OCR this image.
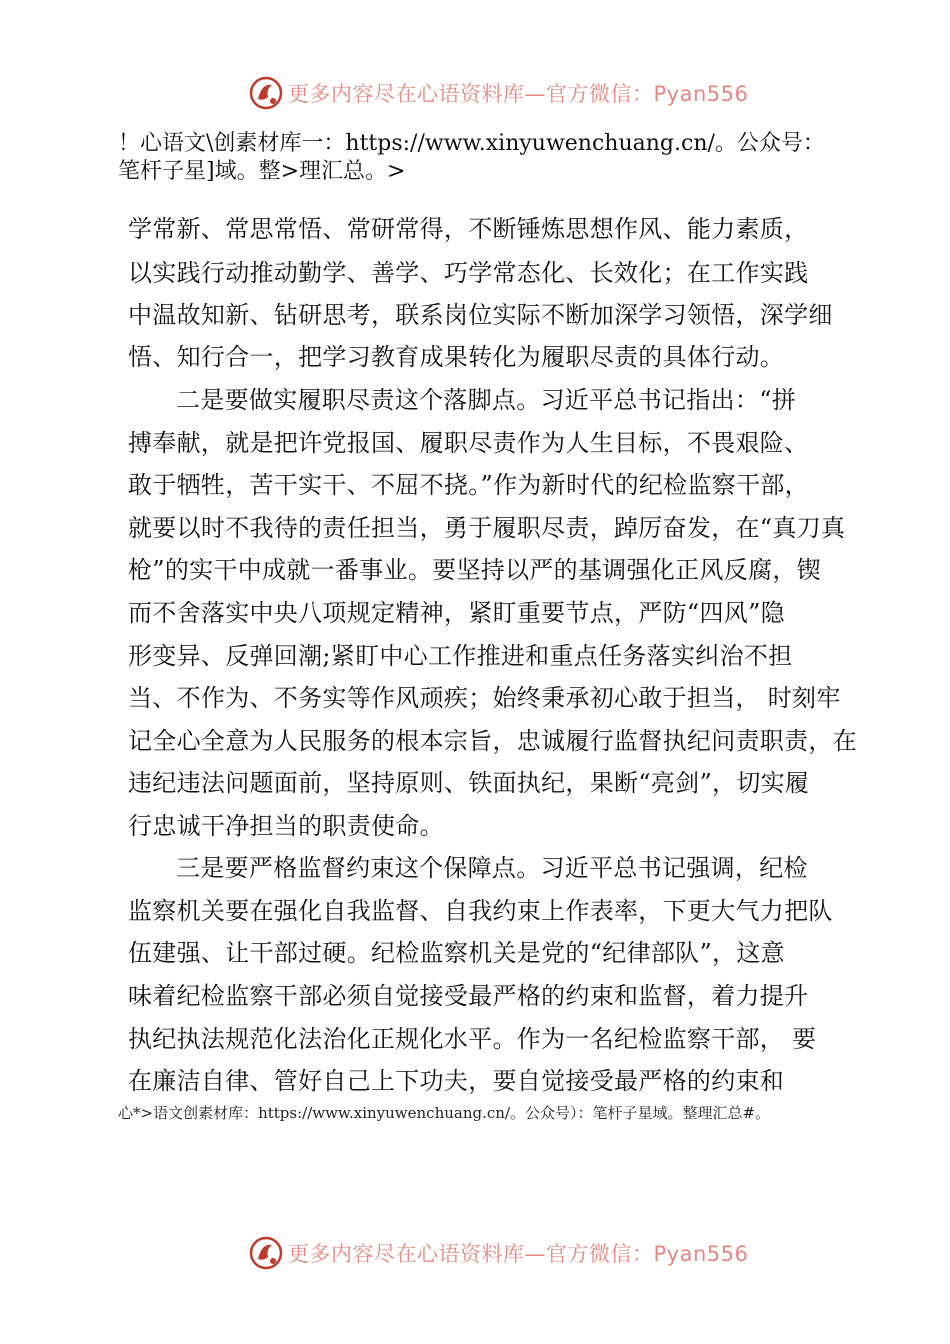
更多内容尽在心语资料库—官方微信：Pyan556
！心语文\创素材库一：https://www.xinyuwenchuang.cn/。公众号：
笔杆子星]域。整>理汇总。>
学常新、常思常悟、常研常得，不断锤炼思想作风、能力素质，
以实践行动推动勤学、善学、巧学常态化、长效化；在工作实践
中温故知新、钻研思考，联系岗位实际不断加深学习领悟，深学细
悟、知行合一，把学习教育成果转化为履职尽责的具体行动。
二是要做实履职尽责这个落脚点。习近平总书记指出：“拼
搏奉献，就是把许党报国、履职尽责作为人生目标，不畏艰险、
敢于牺牲，苦干实干、不屈不挠。”作为新时代的纪检监察干部，
就要以时不我待的责任担当，勇于履职尽责，踔厉奋发，在“真刀真
枪”的实干中成就一番事业。要坚持以严的基调强化正风反腐，锲
而不舍落实中央八项规定精神，紧盯重要节点，严防“四风”隐
形变异、反弹回潮;紧盯中心工作推进和重点任务落实纠治不担
当、不作为、不务实等作风顽疾；始终秉承初心敢于担当， 时刻牢
记全心全意为人民服务的根本宗旨，忠诚履行监督执纪问责职责，在
违纪违法问题面前，坚持原则、铁面执纪，果断“亮剑”，切实履
行忠诚干净担当的职责使命。
三是要严格监督约束这个保障点。习近平总书记强调，纪检
监察机关要在强化自我监督、自我约束上作表率，下更大气力把队
伍建强、让干部过硬。纪检监察机关是党的“纪律部队”，这意
味着纪检监察干部必须自觉接受最严格的约束和监督，着力提升
执纪执法规范化法治化正规化水平。作为一名纪检监察干部， 要
在廉洁自律、管好自己上下功夫，要自觉接受最严格的约束和
心*>语文创素材库：https://www.xinyuwenchuang.cn/。公众号）：笔杆子星域。整理汇总#。
更多内容尽在心语资料库—官方微信：Pyan556
